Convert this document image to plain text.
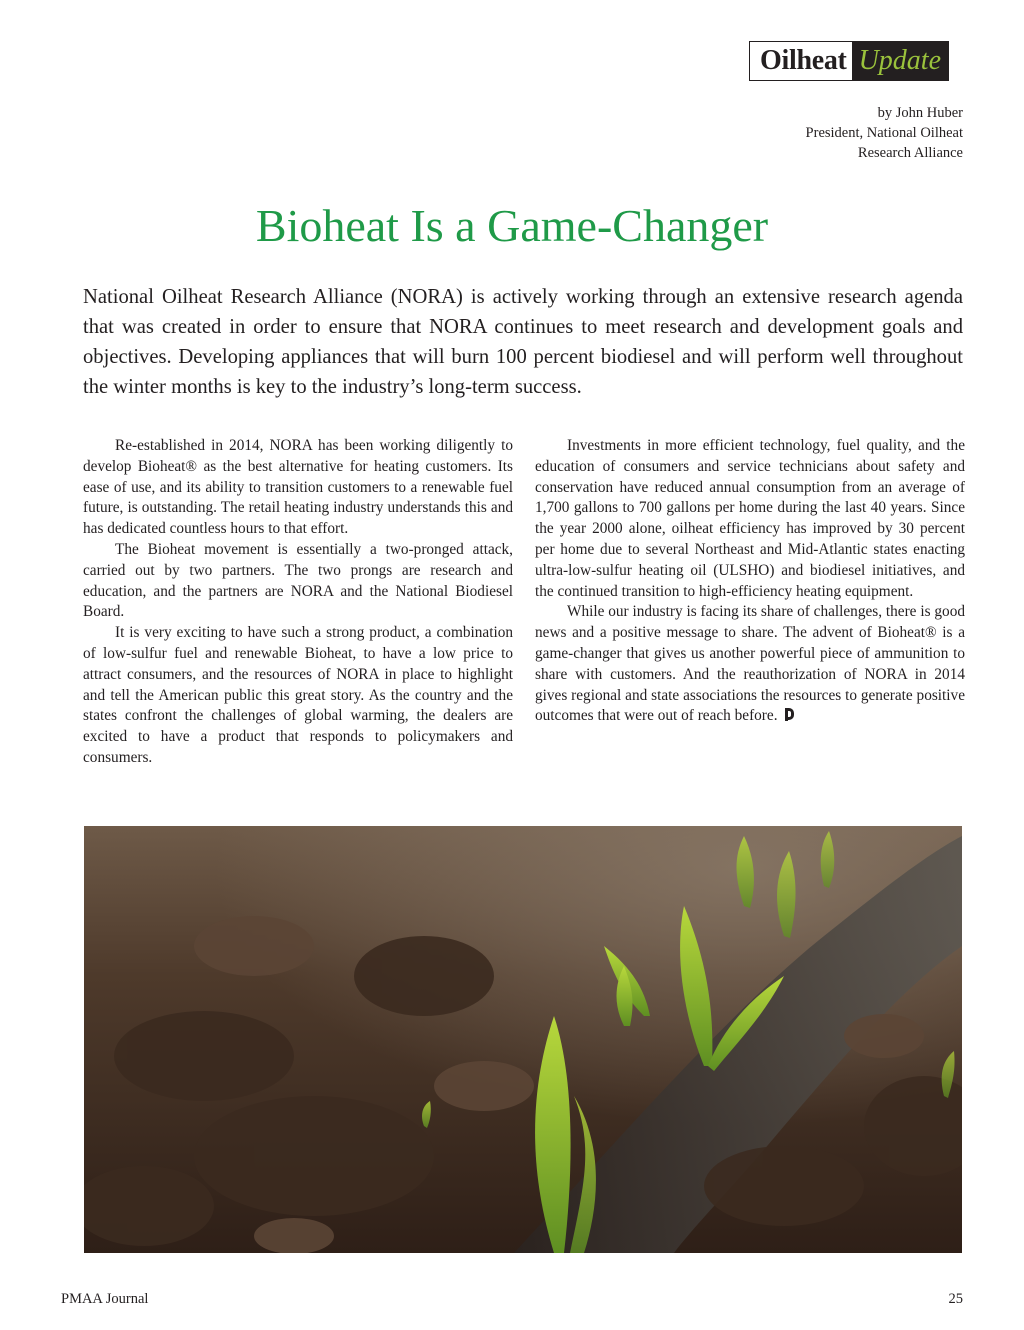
Oilheat Update
by John Huber
President, National Oilheat
Research Alliance
Bioheat Is a Game-Changer

National Oilheat Research Alliance (NORA) is actively working through an extensive research agenda that was created in order to ensure that NORA continues to meet research and development goals and objectives. Developing appliances that will burn 100 percent biodiesel and will perform well throughout the winter months is key to the industry’s long-term success.

Re-established in 2014, NORA has been working diligently to develop Bioheat® as the best alternative for heating customers. Its ease of use, and its ability to transition customers to a renewable fuel future, is outstanding. The retail heating industry understands this and has dedicated countless hours to that effort.

The Bioheat movement is essentially a two-pronged attack, carried out by two partners. The two prongs are research and education, and the partners are NORA and the National Biodiesel Board.

It is very exciting to have such a strong product, a combination of low-sulfur fuel and renewable Bioheat, to have a low price to attract consumers, and the resources of NORA in place to highlight and tell the American public this great story. As the country and the states confront the challenges of global warming, the dealers are excited to have a product that responds to policymakers and consumers.

Investments in more efficient technology, fuel quality, and the education of consumers and service technicians about safety and conservation have reduced annual consumption from an average of 1,700 gallons to 700 gallons per home during the last 40 years. Since the year 2000 alone, oilheat efficiency has improved by 30 percent per home due to several Northeast and Mid-Atlantic states enacting ultra-low-sulfur heating oil (ULSHO) and biodiesel initiatives, and the continued transition to high-efficiency heating equipment.

While our industry is facing its share of challenges, there is good news and a positive message to share. The advent of Bioheat® is a game-changer that gives us another powerful piece of ammunition to share with customers. And the reauthorization of NORA in 2014 gives regional and state associations the resources to generate positive outcomes that were out of reach before.

PMAA Journal	25
